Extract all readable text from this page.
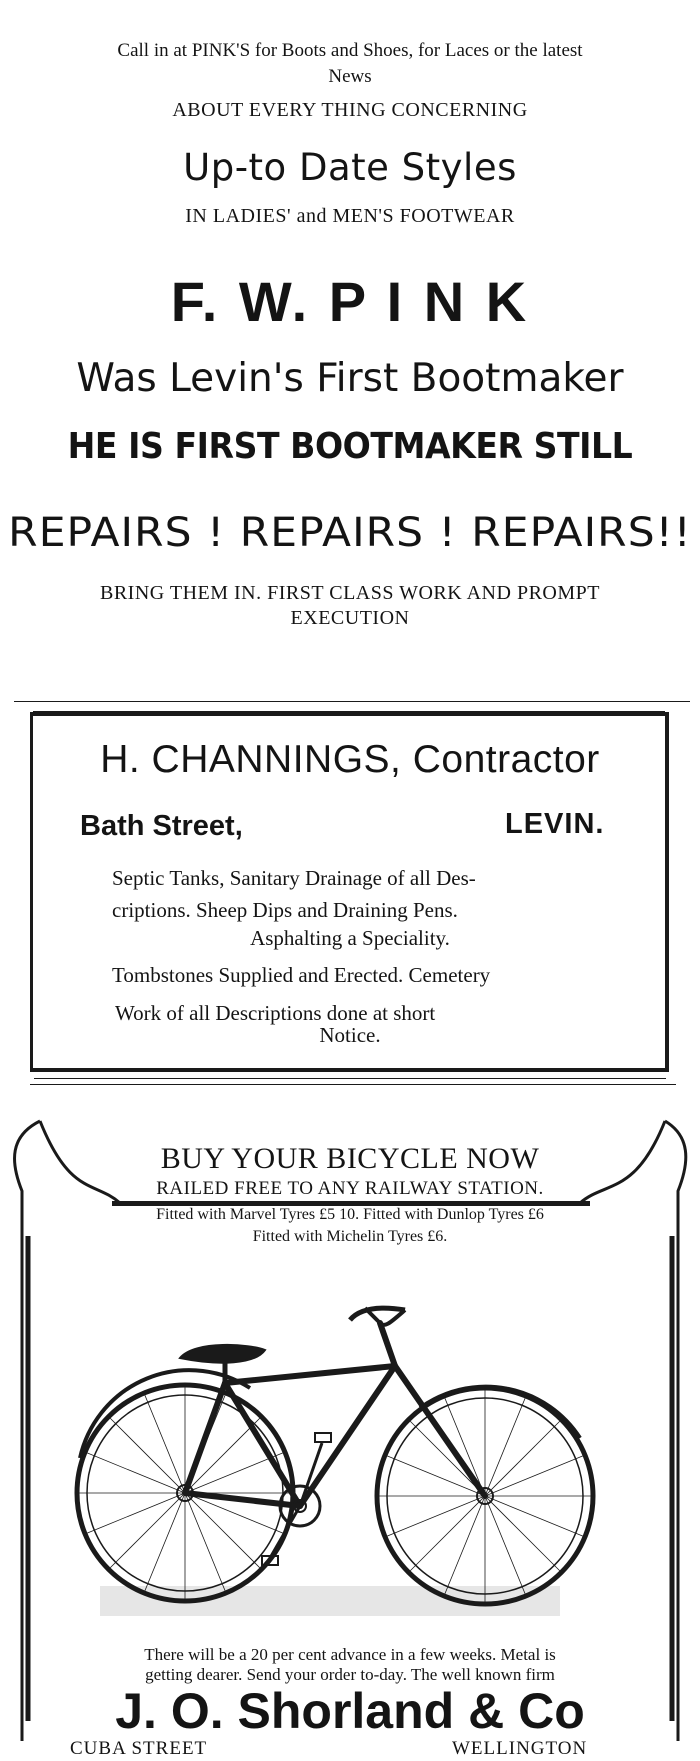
Call in at PINK'S for Boots and Shoes, for Laces or the latest
News
ABOUT EVERY THING CONCERNING
Up-to Date Styles
IN LADIES' and MEN'S FOOTWEAR
F. W. P I N K
Was Levin's First Bootmaker
HE IS FIRST BOOTMAKER STILL
REPAIRS ! REPAIRS ! REPAIRS!!
BRING THEM IN. FIRST CLASS WORK AND PROMPT
EXECUTION
H. CHANNINGS, Contractor
Bath Street,	LEVIN.
Septic Tanks, Sanitary Drainage of all Des-
criptions. Sheep Dips and Draining Pens.
Asphalting a Speciality.
Tombstones Supplied and Erected. Cemetery
Work of all Descriptions done at short
Notice.
BUY YOUR BICYCLE NOW
RAILED FREE TO ANY RAILWAY STATION.
Fitted with Marvel Tyres £5 10. Fitted with Dunlop Tyres £6
Fitted with Michelin Tyres £6.
There will be a 20 per cent advance in a few weeks. Metal is
getting dearer. Send your order to-day. The well known firm
J. O. Shorland & Co
CUBA STREET	WELLINGTON
